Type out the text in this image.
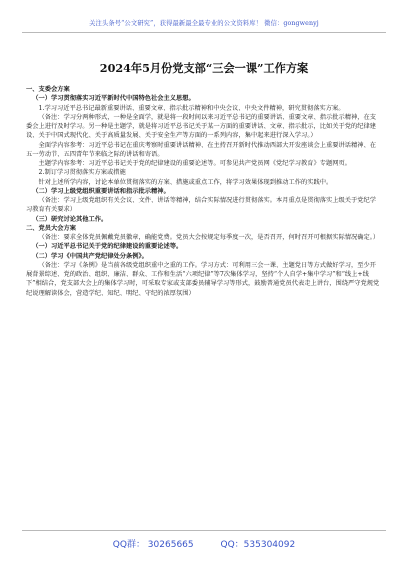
关注头条号“公文研究”，获得最新最全最专业的公文资料库！ 微信：gongwenyj
2024年5月份党支部“三会一课”工作方案

一、支委会方案

（一）学习贯彻落实习近平新时代中国特色社会主义思想。

1.学习习近平总书记最新重要讲话、重要文章、指示批示精神和中央会议、中央文件精神，研究贯彻落实方案。

（备注：学习分两种形式，一种是全面学，就是将一段时间以来习近平总书记的重要讲话、重要文章、指示批示精神，在支委会上进行及时学习。另一种是主题学，就是将习近平总书记关于某一方面的重要讲话、文章、指示批示，比如关于党的纪律建设、关于中国式现代化、关于高质量发展、关于安全生产等方面的一系列内容，集中起来进行深入学习。）

全面学内容参考：习近平总书记在重庆考察时重要讲话精神、在主持召开新时代推动西部大开发座谈会上重要讲话精神、在五一劳动节、五四青年节来临之际的讲话和寄语。

主题学内容参考：习近平总书记关于党的纪律建设的重要论述等。可参见共产党员网《党纪学习教育》专题网页。

2.制订学习贯彻落实方案或措施

针对上述所学内容，讨论本单位贯彻落实的方案、措施或重点工作，将学习效果体现到推动工作的实践中。

（二）学习上级党组织重要讲话和指示批示精神。

（备注：学习上级党组织有关会议、文件、讲话等精神，结合实际情况进行贯彻落实。本月重点是贯彻落实上级关于党纪学习教育有关要求）

（三）研究讨论其他工作。

二、党员大会方案

（备注：要求全体党员佩戴党员徽章，确能党费。党员大会按规定每季度一次，是否召开，何时召开可根据实际情况确定。）

（一）习近平总书记关于党的纪律建设的重要论述等。

（二）学习《中国共产党纪律处分条例》。

（备注：学习《条例》是当前各级党组织重中之重的工作。学习方式：可利用三会一课、主题党日等方式做好学习，至少开展背景综述、党的政治、组织、廉洁、群众、工作和生活“六项纪律”等7次集体学习，坚持“个人自学+集中学习”和“线上+线下”相结合，党支部大会上的集体学习时，可采取专家或支部委员辅导学习等形式，鼓励普通党员代表走上讲台，围绕严守党规党纪说理解读体会，营造学纪、知纪、明纪、守纪的浓厚氛围）

QQ群： 30265665	QQ：535304092
